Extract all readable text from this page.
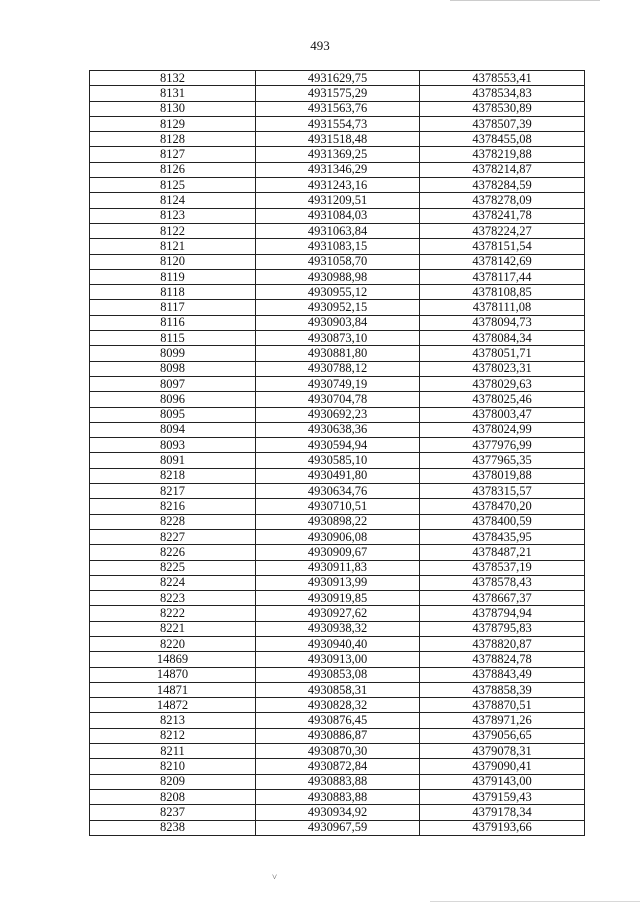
493
8132	4931629,75	4378553,41
8131	4931575,29	4378534,83
8130	4931563,76	4378530,89
8129	4931554,73	4378507,39
8128	4931518,48	4378455,08
8127	4931369,25	4378219,88
8126	4931346,29	4378214,87
8125	4931243,16	4378284,59
8124	4931209,51	4378278,09
8123	4931084,03	4378241,78
8122	4931063,84	4378224,27
8121	4931083,15	4378151,54
8120	4931058,70	4378142,69
8119	4930988,98	4378117,44
8118	4930955,12	4378108,85
8117	4930952,15	4378111,08
8116	4930903,84	4378094,73
8115	4930873,10	4378084,34
8099	4930881,80	4378051,71
8098	4930788,12	4378023,31
8097	4930749,19	4378029,63
8096	4930704,78	4378025,46
8095	4930692,23	4378003,47
8094	4930638,36	4378024,99
8093	4930594,94	4377976,99
8091	4930585,10	4377965,35
8218	4930491,80	4378019,88
8217	4930634,76	4378315,57
8216	4930710,51	4378470,20
8228	4930898,22	4378400,59
8227	4930906,08	4378435,95
8226	4930909,67	4378487,21
8225	4930911,83	4378537,19
8224	4930913,99	4378578,43
8223	4930919,85	4378667,37
8222	4930927,62	4378794,94
8221	4930938,32	4378795,83
8220	4930940,40	4378820,87
14869	4930913,00	4378824,78
14870	4930853,08	4378843,49
14871	4930858,31	4378858,39
14872	4930828,32	4378870,51
8213	4930876,45	4378971,26
8212	4930886,87	4379056,65
8211	4930870,30	4379078,31
8210	4930872,84	4379090,41
8209	4930883,88	4379143,00
8208	4930883,88	4379159,43
8237	4930934,92	4379178,34
8238	4930967,59	4379193,66
˅
